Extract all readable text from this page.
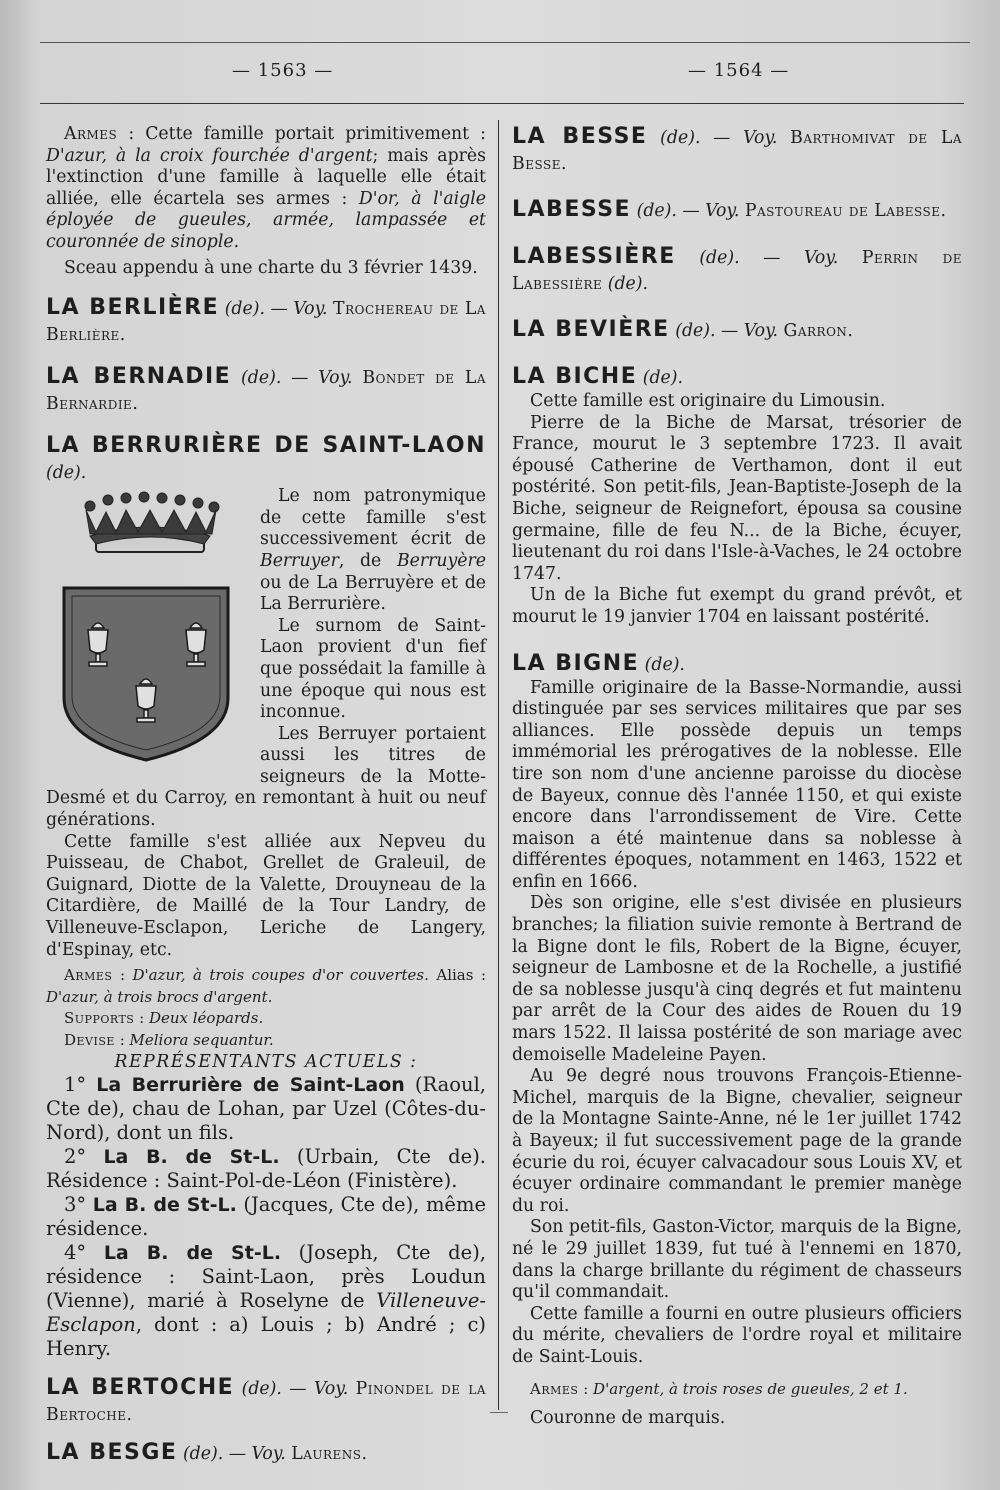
— 1563 —	— 1564 —

Armes : Cette famille portait primitivement : D'azur, à la croix fourchée d'argent; mais après l'extinction d'une famille à laquelle elle était alliée, elle écartela ses armes : D'or, à l'aigle éployée de gueules, armée, lampassée et couronnée de sinople.

Sceau appendu à une charte du 3 février 1439.

LA BERLIÈRE (de). — Voy. Trochereau de La Berlière.

LA BERNADIE (de). — Voy. Bondet de La Bernardie.

LA BERRURIÈRE DE SAINT-LAON (de).

Le nom patronymique de cette famille s'est successivement écrit de Berruyer, de Berruyère ou de La Berruyère et de La Berrurière.

Le surnom de Saint-Laon provient d'un fief que possédait la famille à une époque qui nous est inconnue.

Les Berruyer portaient aussi les titres de seigneurs de la Motte-Desmé et du Carroy, en remontant à huit ou neuf générations.

Cette famille s'est alliée aux Nepveu du Puisseau, de Chabot, Grellet de Graleuil, de Guignard, Diotte de la Valette, Drouyneau de la Citardière, de Maillé de la Tour Landry, de Villeneuve-Esclapon, Leriche de Langery, d'Espinay, etc.

Armes : D'azur, à trois coupes d'or couvertes. Alias : D'azur, à trois brocs d'argent.

Supports : Deux léopards.

Devise : Meliora sequantur.

REPRÉSENTANTS ACTUELS :

1° La Berrurière de Saint-Laon (Raoul, Cte de), chau de Lohan, par Uzel (Côtes-du-Nord), dont un fils.

2° La B. de St-L. (Urbain, Cte de). Résidence : Saint-Pol-de-Léon (Finistère).

3° La B. de St-L. (Jacques, Cte de), même résidence.

4° La B. de St-L. (Joseph, Cte de), résidence : Saint-Laon, près Loudun (Vienne), marié à Roselyne de Villeneuve-Esclapon, dont : a) Louis ; b) André ; c) Henry.

LA BERTOCHE (de). — Voy. Pinondel de la Bertoche.

LA BESGE (de). — Voy. Laurens.

LA BESSE (de). — Voy. Barthomivat de La Besse.

LABESSE (de). — Voy. Pastoureau de Labesse.

LABESSIÈRE (de). — Voy. Perrin de Labessière (de).

LA BEVIÈRE (de). — Voy. Garron.

LA BICHE (de).

Cette famille est originaire du Limousin.

Pierre de la Biche de Marsat, trésorier de France, mourut le 3 septembre 1723. Il avait épousé Catherine de Verthamon, dont il eut postérité. Son petit-fils, Jean-Baptiste-Joseph de la Biche, seigneur de Reignefort, épousa sa cousine germaine, fille de feu N... de la Biche, écuyer, lieutenant du roi dans l'Isle-à-Vaches, le 24 octobre 1747.

Un de la Biche fut exempt du grand prévôt, et mourut le 19 janvier 1704 en laissant postérité.

LA BIGNE (de).

Famille originaire de la Basse-Normandie, aussi distinguée par ses services militaires que par ses alliances. Elle possède depuis un temps immémorial les prérogatives de la noblesse. Elle tire son nom d'une ancienne paroisse du diocèse de Bayeux, connue dès l'année 1150, et qui existe encore dans l'arrondissement de Vire. Cette maison a été maintenue dans sa noblesse à différentes époques, notamment en 1463, 1522 et enfin en 1666.

Dès son origine, elle s'est divisée en plusieurs branches; la filiation suivie remonte à Bertrand de la Bigne dont le fils, Robert de la Bigne, écuyer, seigneur de Lambosne et de la Rochelle, a justifié de sa noblesse jusqu'à cinq degrés et fut maintenu par arrêt de la Cour des aides de Rouen du 19 mars 1522. Il laissa postérité de son mariage avec demoiselle Madeleine Payen.

Au 9e degré nous trouvons François-Etienne-Michel, marquis de la Bigne, chevalier, seigneur de la Montagne Sainte-Anne, né le 1er juillet 1742 à Bayeux; il fut successivement page de la grande écurie du roi, écuyer calvacadour sous Louis XV, et écuyer ordinaire commandant le premier manège du roi.

Son petit-fils, Gaston-Victor, marquis de la Bigne, né le 29 juillet 1839, fut tué à l'ennemi en 1870, dans la charge brillante du régiment de chasseurs qu'il commandait.

Cette famille a fourni en outre plusieurs officiers du mérite, chevaliers de l'ordre royal et militaire de Saint-Louis.

Armes : D'argent, à trois roses de gueules, 2 et 1.

Couronne de marquis.
